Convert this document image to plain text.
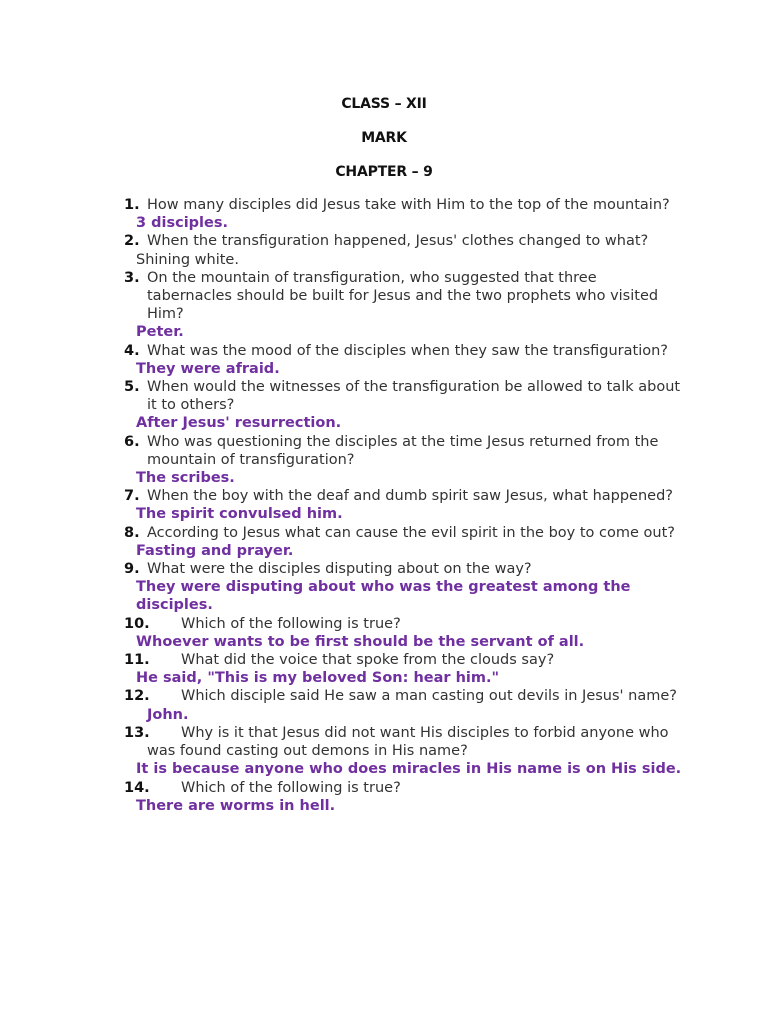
CLASS – XII
MARK
CHAPTER – 9
1. How many disciples did Jesus take with Him to the top of the mountain?
3 disciples.
2. When the transfiguration happened, Jesus' clothes changed to what?
Shining white.
3. On the mountain of transfiguration, who suggested that three tabernacles should be built for Jesus and the two prophets who visited Him?
Peter.
4. What was the mood of the disciples when they saw the transfiguration?
They were afraid.
5. When would the witnesses of the transfiguration be allowed to talk about it to others?
After Jesus' resurrection.
6. Who was questioning the disciples at the time Jesus returned from the mountain of transfiguration?
The scribes.
7. When the boy with the deaf and dumb spirit saw Jesus, what happened?
The spirit convulsed him.
8. According to Jesus what can cause the evil spirit in the boy to come out?
Fasting and prayer.
9. What were the disciples disputing about on the way?
They were disputing about who was the greatest among the disciples.
10. Which of the following is true?
Whoever wants to be first should be the servant of all.
11. What did the voice that spoke from the clouds say?
He said, "This is my beloved Son: hear him."
12. Which disciple said He saw a man casting out devils in Jesus' name?
John.
13. Why is it that Jesus did not want His disciples to forbid anyone who was found casting out demons in His name?
It is because anyone who does miracles in His name is on His side.
14. Which of the following is true?
There are worms in hell.
